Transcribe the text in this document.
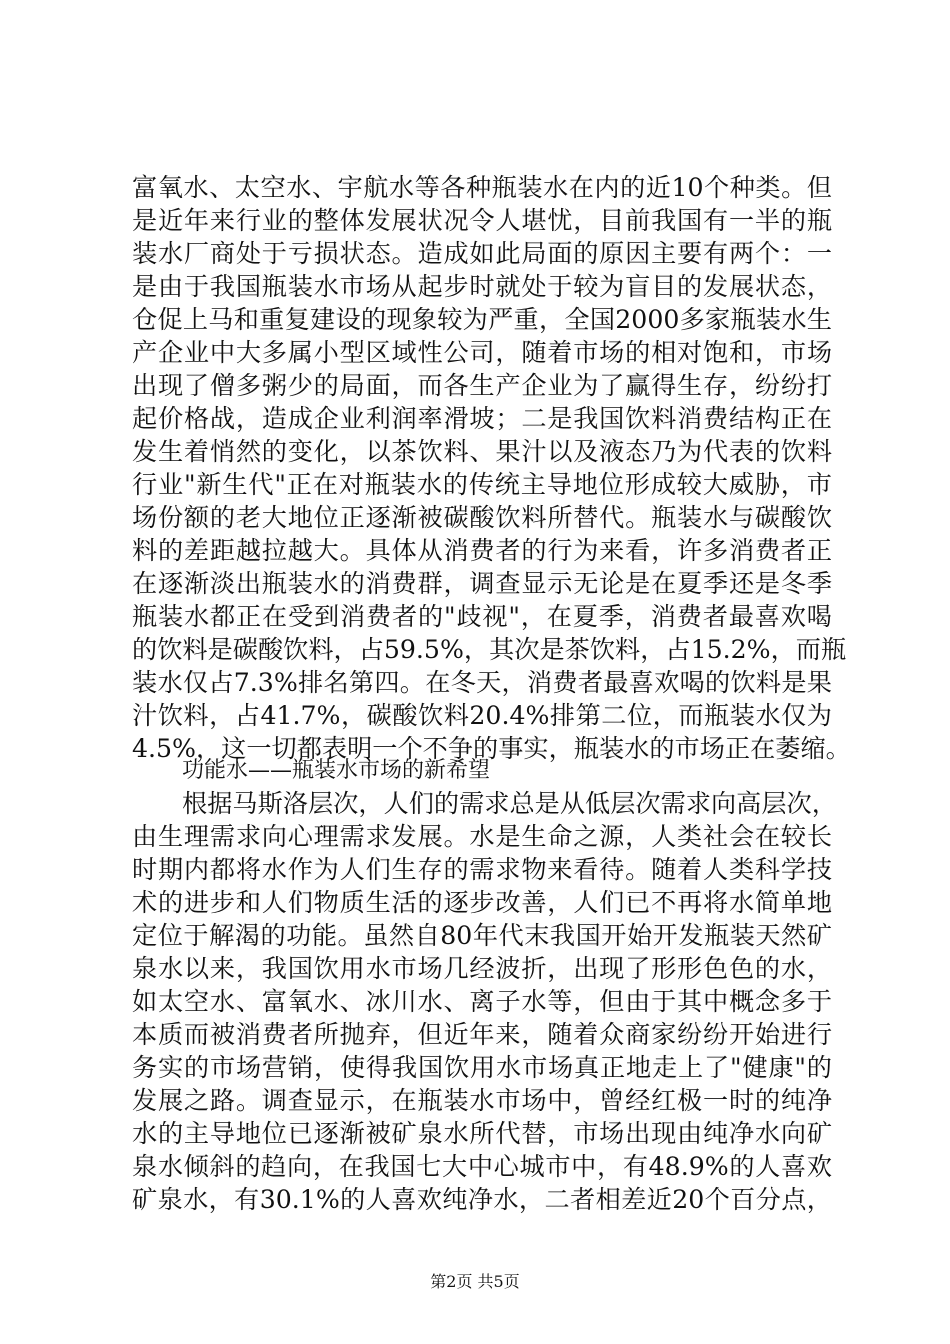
富氧水、太空水、宇航水等各种瓶装水在内的近10个种类。但
是近年来行业的整体发展状况令人堪忧，目前我国有一半的瓶
装水厂商处于亏损状态。造成如此局面的原因主要有两个：一
是由于我国瓶装水市场从起步时就处于较为盲目的发展状态，
仓促上马和重复建设的现象较为严重，全国2000多家瓶装水生
产企业中大多属小型区域性公司，随着市场的相对饱和，市场
出现了僧多粥少的局面，而各生产企业为了赢得生存，纷纷打
起价格战，造成企业利润率滑坡；二是我国饮料消费结构正在
发生着悄然的变化，以茶饮料、果汁以及液态乃为代表的饮料
行业"新生代"正在对瓶装水的传统主导地位形成较大威胁，市
场份额的老大地位正逐渐被碳酸饮料所替代。瓶装水与碳酸饮
料的差距越拉越大。具体从消费者的行为来看，许多消费者正
在逐渐淡出瓶装水的消费群，调查显示无论是在夏季还是冬季
瓶装水都正在受到消费者的"歧视"，在夏季，消费者最喜欢喝
的饮料是碳酸饮料，占59.5%，其次是茶饮料，占15.2%，而瓶
装水仅占7.3%排名第四。在冬天，消费者最喜欢喝的饮料是果
汁饮料，占41.7%，碳酸饮料20.4%排第二位，而瓶装水仅为
4.5%，这一切都表明一个不争的事实，瓶装水的市场正在萎缩。
功能水——瓶装水市场的新希望
根据马斯洛层次，人们的需求总是从低层次需求向高层次，
由生理需求向心理需求发展。水是生命之源，人类社会在较长
时期内都将水作为人们生存的需求物来看待。随着人类科学技
术的进步和人们物质生活的逐步改善，人们已不再将水简单地
定位于解渴的功能。虽然自80年代末我国开始开发瓶装天然矿
泉水以来，我国饮用水市场几经波折，出现了形形色色的水，
如太空水、富氧水、冰川水、离子水等，但由于其中概念多于
本质而被消费者所抛弃，但近年来，随着众商家纷纷开始进行
务实的市场营销，使得我国饮用水市场真正地走上了"健康"的
发展之路。调查显示，在瓶装水市场中，曾经红极一时的纯净
水的主导地位已逐渐被矿泉水所代替，市场出现由纯净水向矿
泉水倾斜的趋向，在我国七大中心城市中，有48.9%的人喜欢
矿泉水，有30.1%的人喜欢纯净水，二者相差近20个百分点，
第2页 共5页
